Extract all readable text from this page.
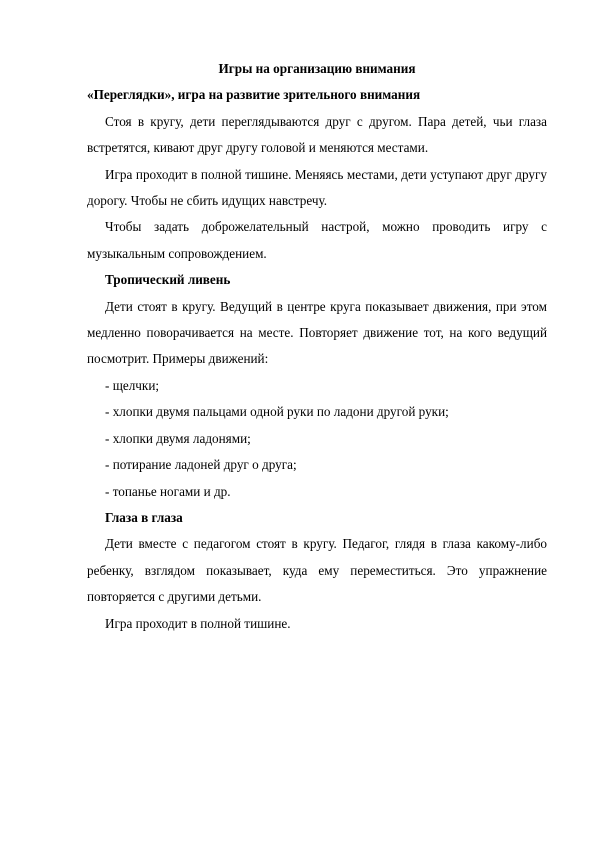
Игры на организацию внимания

«Переглядки», игра на развитие зрительного внимания

Стоя в кругу, дети переглядываются друг с другом. Пара детей, чьи глаза встретятся, кивают друг другу головой и меняются местами.

Игра проходит в полной тишине. Меняясь местами, дети уступают друг другу дорогу. Чтобы не сбить идущих навстречу.

Чтобы задать доброжелательный настрой, можно проводить игру с музыкальным сопровождением.

Тропический ливень

Дети стоят в кругу. Ведущий в центре круга показывает движения, при этом медленно поворачивается на месте. Повторяет движение тот, на кого ведущий посмотрит. Примеры движений:

- щелчки;

- хлопки двумя пальцами одной руки по ладони другой руки;

- хлопки двумя ладонями;

- потирание ладоней друг о друга;

- топанье ногами и др.

Глаза в глаза

Дети вместе с педагогом стоят в кругу. Педагог, глядя в глаза какому-либо ребенку, взглядом показывает, куда ему переместиться. Это упражнение повторяется с другими детьми.

Игра проходит в полной тишине.
